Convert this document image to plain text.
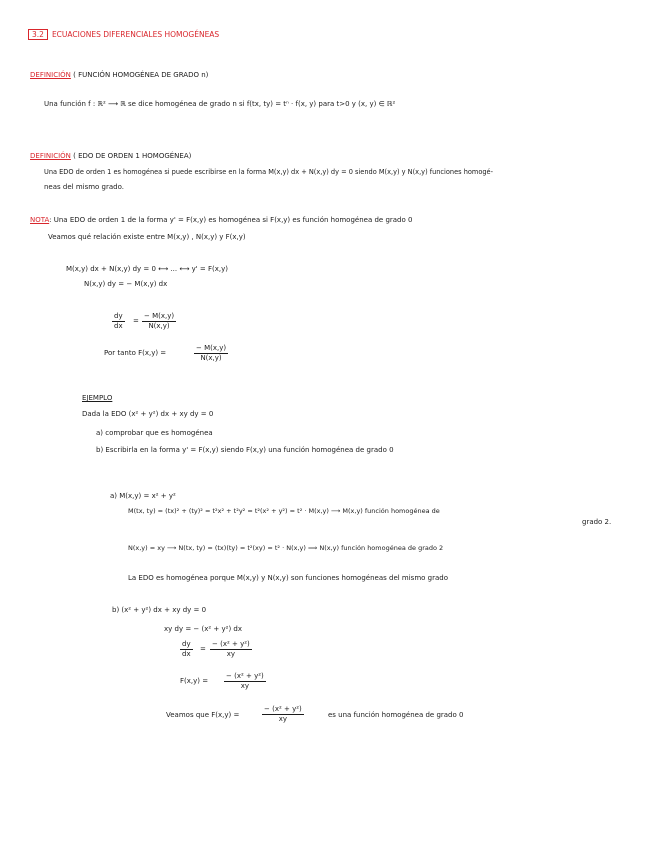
3.2 ECUACIONES DIFERENCIALES HOMOGÉNEAS
DEFINICIÓN ( FUNCIÓN HOMOGÉNEA DE GRADO n)
Una función f : ℝ² ⟶ ℝ se dice homogénea de grado n si f(tx, ty) = tⁿ · f(x, y) para t>0 y (x, y) ∈ ℝ²
DEFINICIÓN ( EDO DE ORDEN 1 HOMOGÉNEA)
Una EDO de orden 1 es homogénea si puede escribirse en la forma M(x,y) dx + N(x,y) dy = 0 siendo M(x,y) y N(x,y) funciones homogé-
neas del mismo grado.
NOTA: Una EDO de orden 1 de la forma y' = F(x,y) es homogénea si F(x,y) es función homogénea de grado 0
Veamos qué relación existe entre M(x,y) , N(x,y) y F(x,y)
M(x,y) dx + N(x,y) dy = 0 ⟷ ... ⟷ y' = F(x,y)
N(x,y) dy = − M(x,y) dx
$\frac{dy}{dx} = \frac{- M(x,y)}{N(x,y)}$
Por tanto F(x,y) =	$\frac{- M(x,y)}{N(x,y)}$
EJEMPLO
Dada la EDO (x² + y²) dx + xy dy = 0
a) comprobar que es homogénea
b) Escribirla en la forma y' = F(x,y) siendo F(x,y) una función homogénea de grado 0
a) M(x,y) = x² + y²
M(tx, ty) = (tx)² + (ty)² = t²x² + t²y² = t²(x² + y²) = t² · M(x,y) ⟶ M(x,y) función homogénea de
grado 2.
N(x,y) = xy ⟶ N(tx, ty) = (tx)(ty) = t²(xy) = t² · N(x,y) ⟹ N(x,y) función homogénea de grado 2
La EDO es homogénea porque M(x,y) y N(x,y) son funciones homogéneas del mismo grado
b) (x² + y²) dx + xy dy = 0
xy dy = − (x² + y²) dx
$\frac{dy}{dx} = \frac{\text{− (x² + y²)}}{xy}$
$F(x,y) = \frac{\text{− (x² + y²)}}{xy}$
Veamos que F(x,y) =	$\frac{\text{− (x² + y²)}}{xy}$	es una función homogénea de grado 0
